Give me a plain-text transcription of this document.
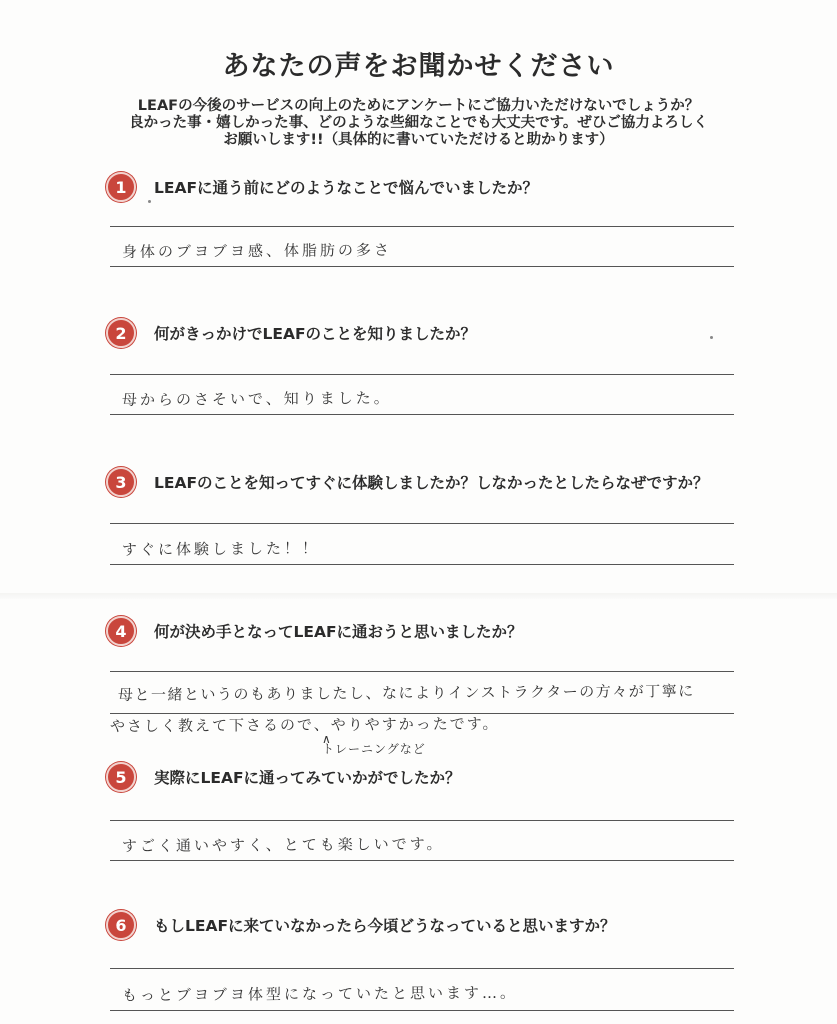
あなたの声をお聞かせください
LEAFの今後のサービスの向上のためにアンケートにご協力いただけないでしょうか？
良かった事・嬉しかった事、どのような些細なことでも大丈夫です。ぜひご協力よろしく
お願いします!!（具体的に書いていただけると助かります）
1	LEAFに通う前にどのようなことで悩んでいましたか？
身体のブヨブヨ感、体脂肪の多さ
2	何がきっかけでLEAFのことを知りましたか？
母からのさそいで、知りました。
3	LEAFのことを知ってすぐに体験しましたか？しなかったとしたらなぜですか？
すぐに体験しました！！
4	何が決め手となってLEAFに通おうと思いましたか？
母と一緒というのもありましたし、なによりインストラクターの方々が丁寧に
やさしく教えて下さるので、やりやすかったです。
∧
トレーニングなど
5	実際にLEAFに通ってみていかがでしたか？
すごく通いやすく、とても楽しいです。
6	もしLEAFに来ていなかったら今頃どうなっていると思いますか？
もっとブヨブヨ体型になっていたと思います…。
